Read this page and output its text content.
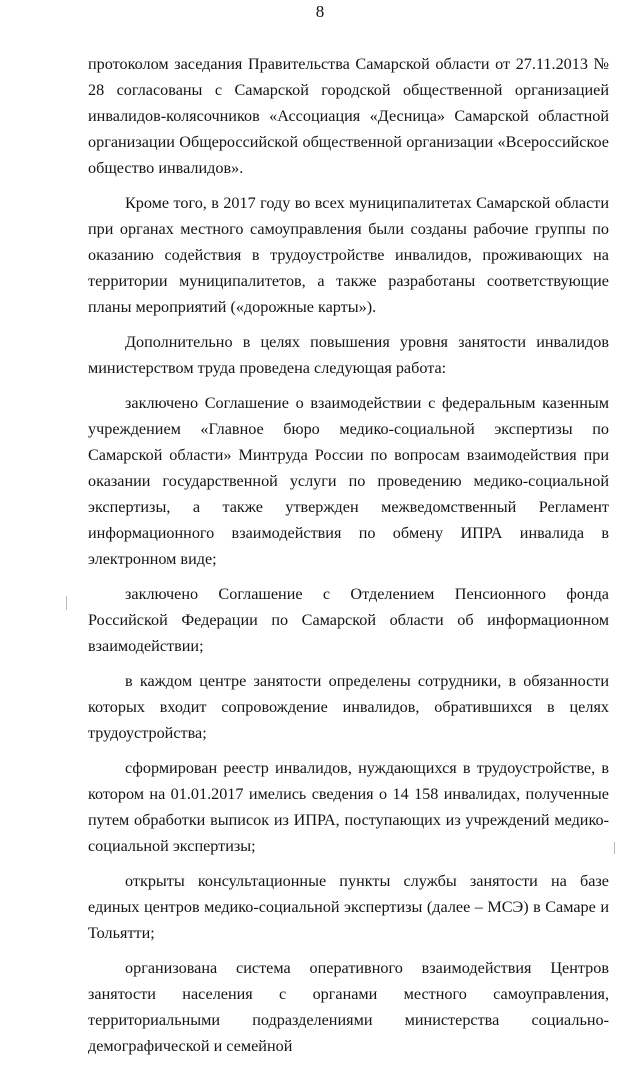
8

протоколом заседания Правительства Самарской области от 27.11.2013 № 28 согласованы с Самарской городской общественной организацией инвалидов-колясочников «Ассоциация «Десница» Самарской областной организации Общероссийской общественной организации «Всероссийское общество инвалидов».

Кроме того, в 2017 году во всех муниципалитетах Самарской области при органах местного самоуправления были созданы рабочие группы по оказанию содействия в трудоустройстве инвалидов, проживающих на территории муниципалитетов, а также разработаны соответствующие планы мероприятий («дорожные карты»).

Дополнительно в целях повышения уровня занятости инвалидов министерством труда проведена следующая работа:

заключено Соглашение о взаимодействии с федеральным казенным учреждением «Главное бюро медико-социальной экспертизы по Самарской области» Минтруда России по вопросам взаимодействия при оказании государственной услуги по проведению медико-социальной экспертизы, а также утвержден межведомственный Регламент информационного взаимодействия по обмену ИПРА инвалида в электронном виде;

заключено Соглашение с Отделением Пенсионного фонда Российской Федерации по Самарской области об информационном взаимодействии;

в каждом центре занятости определены сотрудники, в обязанности которых входит сопровождение инвалидов, обратившихся в целях трудоустройства;

сформирован реестр инвалидов, нуждающихся в трудоустройстве, в котором на 01.01.2017 имелись сведения о 14 158 инвалидах, полученные путем обработки выписок из ИПРА, поступающих из учреждений медико-социальной экспертизы;

открыты консультационные пункты службы занятости на базе единых центров медико-социальной экспертизы (далее – МСЭ) в Самаре и Тольятти;

организована система оперативного взаимодействия Центров занятости населения с органами местного самоуправления, территориальными подразделениями министерства социально-демографической и семейной
